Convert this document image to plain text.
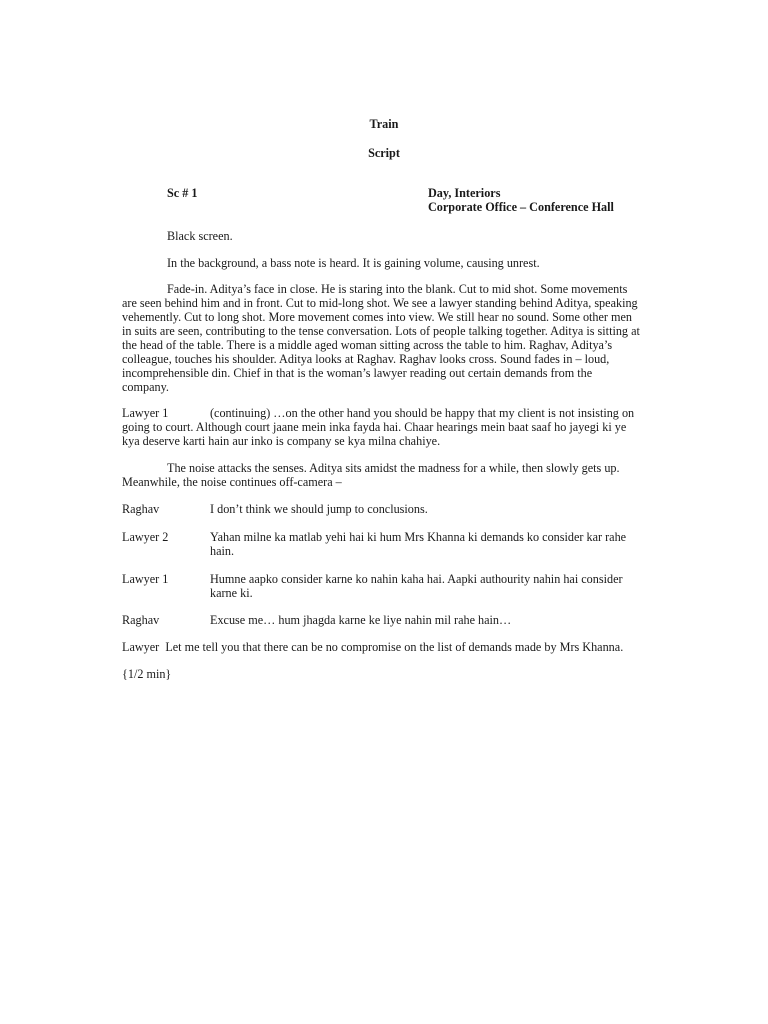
Train
Script
Sc # 1	Day, Interiors
Corporate Office – Conference Hall
Black screen.
In the background, a bass note is heard. It is gaining volume, causing unrest.
Fade-in. Aditya’s face in close. He is staring into the blank. Cut to mid shot. Some movements are seen behind him and in front. Cut to mid-long shot. We see a lawyer standing behind Aditya, speaking vehemently. Cut to long shot. More movement comes into view. We still hear no sound. Some other men in suits are seen, contributing to the tense conversation. Lots of people talking together. Aditya is sitting at the head of the table. There is a middle aged woman sitting across the table to him. Raghav, Aditya’s colleague, touches his shoulder. Aditya looks at Raghav. Raghav looks cross. Sound fades in – loud, incomprehensible din. Chief in that is the woman’s lawyer reading out certain demands from the company.
Lawyer 1	(continuing) …on the other hand you should be happy that my client is not insisting on going to court. Although court jaane mein inka fayda hai. Chaar hearings mein baat saaf ho jayegi ki ye kya deserve karti hain aur inko is company se kya milna chahiye.
The noise attacks the senses. Aditya sits amidst the madness for a while, then slowly gets up. Meanwhile, the noise continues off-camera –
Raghav	I don’t think we should jump to conclusions.
Lawyer 2	Yahan milne ka matlab yehi hai ki hum Mrs Khanna ki demands ko consider kar rahe hain.
Lawyer 1	Humne aapko consider karne ko nahin kaha hai. Aapki authourity nahin hai consider karne ki.
Raghav	Excuse me… hum jhagda karne ke liye nahin mil rahe hain…
Lawyer Let me tell you that there can be no compromise on the list of demands made by Mrs Khanna.
{1/2 min}
